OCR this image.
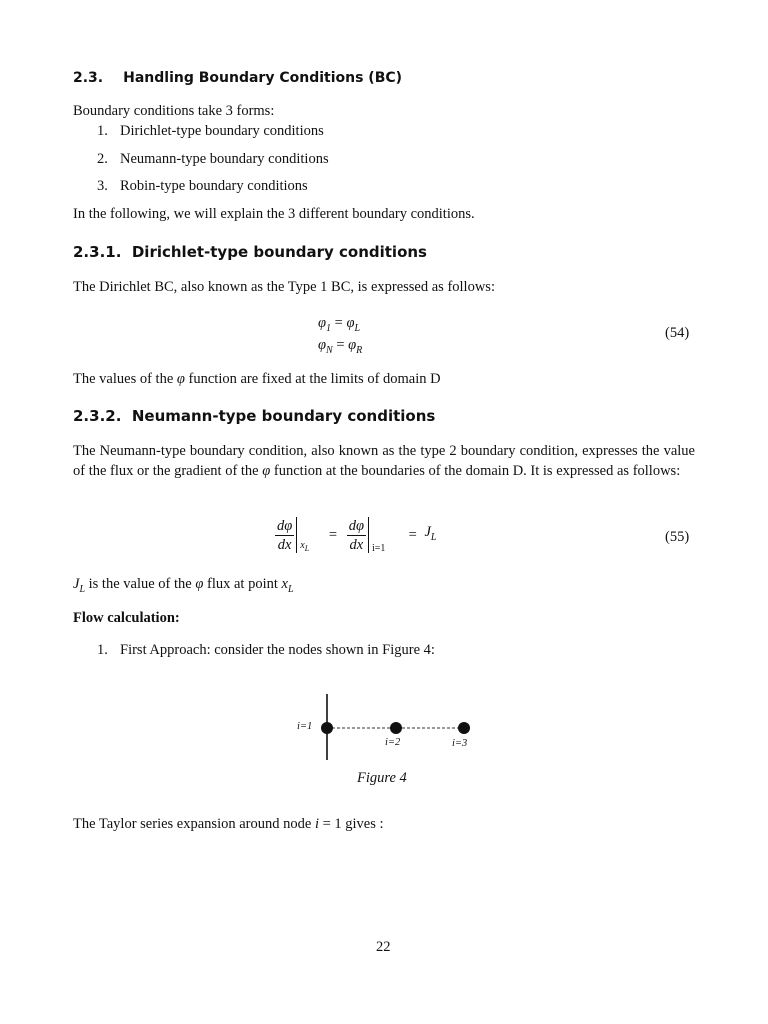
2.3. Handling Boundary Conditions (BC)
Boundary conditions take 3 forms:
1. Dirichlet-type boundary conditions
2. Neumann-type boundary conditions
3. Robin-type boundary conditions
In the following, we will explain the 3 different boundary conditions.
2.3.1.  Dirichlet-type boundary conditions
The Dirichlet BC, also known as the Type 1 BC, is expressed as follows:
$\varphi_1 = \varphi_L$
$\varphi_N = \varphi_R$
(54)
The values of the φ function are fixed at the limits of domain D
2.3.2.  Neumann-type boundary conditions
The Neumann-type boundary condition, also known as the type 2 boundary condition, expresses the value of the flux or the gradient of the φ function at the boundaries of the domain D. It is expressed as follows:
$\frac{d\varphi}{dx} x_L$
= $\frac{d\varphi}{dx} i=1$
= $J_L$	(55)
$J_L$ is the value of the φ flux at point $x_L$
Flow calculation:
1. First Approach: consider the nodes shown in Figure 4:
i=1
i=2	i=3
Figure 4
The Taylor series expansion around node i = 1 gives :
22
